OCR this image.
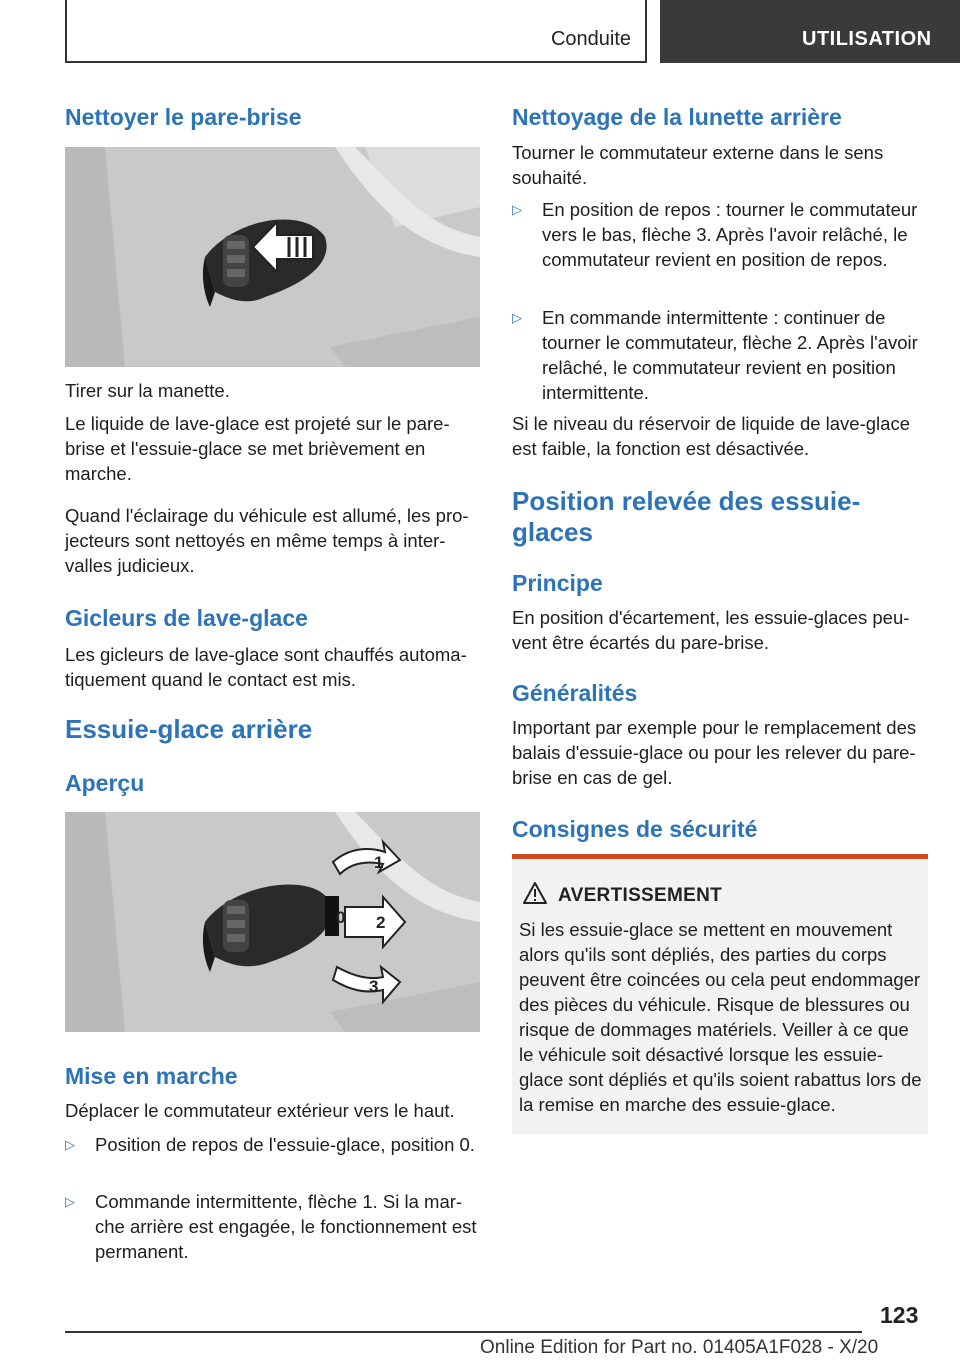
Conduite	UTILISATION
Nettoyer le pare-brise
Tirer sur la manette.
Le liquide de lave-glace est projeté sur le pare-brise et l'essuie-glace se met brièvement en marche.
Quand l'éclairage du véhicule est allumé, les projecteurs sont nettoyés en même temps à intervalles judicieux.
Gicleurs de lave-glace
Les gicleurs de lave-glace sont chauffés automatiquement quand le contact est mis.
Essuie-glace arrière
Aperçu
1
0 2
3
Mise en marche
Déplacer le commutateur extérieur vers le haut.
▷ Position de repos de l'essuie-glace, position 0.
▷ Commande intermittente, flèche 1. Si la marche arrière est engagée, le fonctionnement est permanent.
Nettoyage de la lunette arrière
Tourner le commutateur externe dans le sens souhaité.
▷ En position de repos : tourner le commutateur vers le bas, flèche 3. Après l'avoir relâché, le commutateur revient en position de repos.
▷ En commande intermittente : continuer de tourner le commutateur, flèche 2. Après l'avoir relâché, le commutateur revient en position intermittente.
Si le niveau du réservoir de liquide de lave-glace est faible, la fonction est désactivée.
Position relevée des essuie-glaces
Principe
En position d'écartement, les essuie-glaces peuvent être écartés du pare-brise.
Généralités
Important par exemple pour le remplacement des balais d'essuie-glace ou pour les relever du pare-brise en cas de gel.
Consignes de sécurité
AVERTISSEMENT
Si les essuie-glace se mettent en mouvement alors qu'ils sont dépliés, des parties du corps peuvent être coincées ou cela peut endommager des pièces du véhicule. Risque de blessures ou risque de dommages matériels. Veiller à ce que le véhicule soit désactivé lorsque les essuie-glace sont dépliés et qu'ils soient rabattus lors de la remise en marche des essuie-glace.
123
Online Edition for Part no. 01405A1F028 - X/20
